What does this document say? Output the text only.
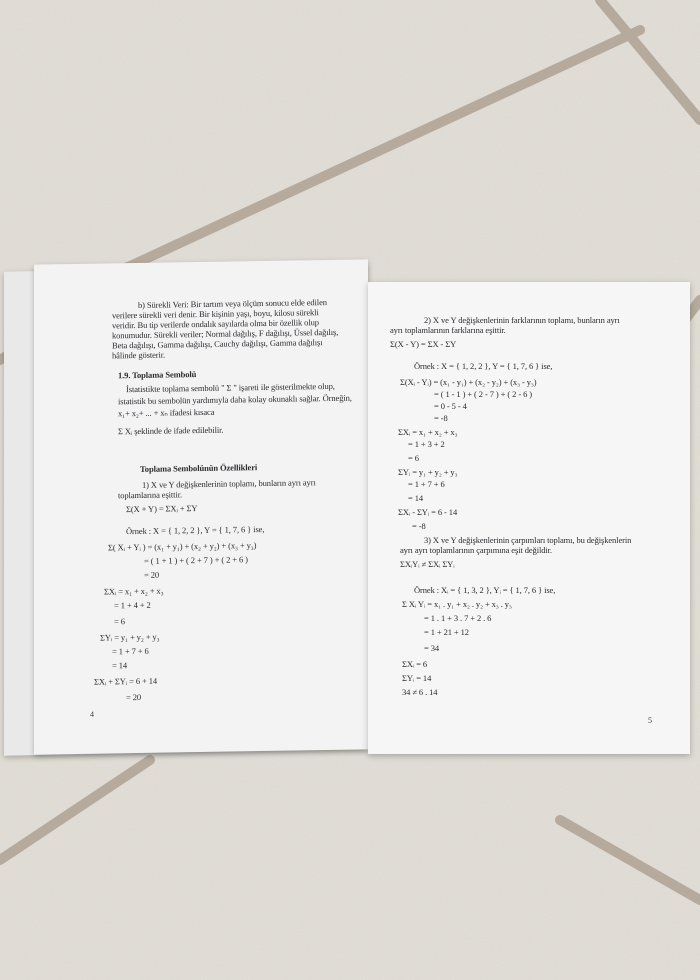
b) Sürekli Veri: Bir tartım veya ölçüm sonucu elde edilen
verilere sürekli veri denir. Bir kişinin yaşı, boyu, kilosu sürekli
veridir. Bu tip verilerde ondalık sayılarda olma bir özellik olup
konumudur. Sürekli veriler; Normal dağılış, F dağılışı, Üssel dağılış,
Beta dağılışı, Gamma dağılışı, Cauchy dağılışı, Gamma dağılışı
hâlinde gösterir.
1.9. Toplama Sembolü
İstatistikte toplama sembolü " Σ " işareti ile gösterilmekte olup,
istatistik bu sembolün yardımıyla daha kolay okunaklı sağlar. Örneğin,
x₁+ x₂+ ... + xₙ ifadesi kısaca
Σ Xᵢ şeklinde de ifade edilebilir.
Toplama Sembolünün Özellikleri
1) X ve Y değişkenlerinin toplamı, bunların ayrı ayrı
toplamlarına eşittir.
Σ(X + Y) = ΣXᵢ + ΣY
Örnek : X = { 1, 2, 2 }, Y = { 1, 7, 6 } ise,
Σ( Xᵢ + Yᵢ ) = (x₁ + y₁) + (x₂ + y₂) + (x₃ + y₃)
= ( 1 + 1 ) + ( 2 + 7 ) + ( 2 + 6 )
= 20
ΣXᵢ = x₁ + x₂ + x₃
= 1 + 4 + 2
= 6
ΣYᵢ = y₁ + y₂ + y₃
= 1 + 7 + 6
= 14
ΣXᵢ + ΣYᵢ = 6 + 14
= 20
4
2) X ve Y değişkenlerinin farklarının toplamı, bunların ayrı
ayrı toplamlarının farklarına eşittir.
Σ(X - Y) = ΣX - ΣY
Örnek : X = { 1, 2, 2 }, Y = { 1, 7, 6 } ise,
Σ(Xᵢ - Yᵢ) = (x₁ - y₁) + (x₂ - y₂) + (x₃ - y₃)
= ( 1 - 1 ) + ( 2 - 7 ) + ( 2 - 6 )
= 0 - 5 - 4
= -8
ΣXᵢ = x₁ + x₂ + x₃
= 1 + 3 + 2
= 6
ΣYᵢ = y₁ + y₂ + y₃
= 1 + 7 + 6
= 14
ΣXᵢ - ΣYᵢ = 6 - 14
= -8
3) X ve Y değişkenlerinin çarpımları toplamı, bu değişkenlerin
ayrı ayrı toplamlarının çarpımına eşit değildir.
ΣXᵢYᵢ ≠ ΣXᵢ ΣYᵢ
Örnek : Xᵢ = { 1, 3, 2 }, Yᵢ = { 1, 7, 6 } ise,
Σ Xᵢ Yᵢ = x₁ . y₁ + x₂ . y₂ + x₃ . y₃
= 1 . 1 + 3 . 7 + 2 . 6
= 1 + 21 + 12
= 34
ΣXᵢ = 6
ΣYᵢ = 14
34 ≠ 6 . 14
5
